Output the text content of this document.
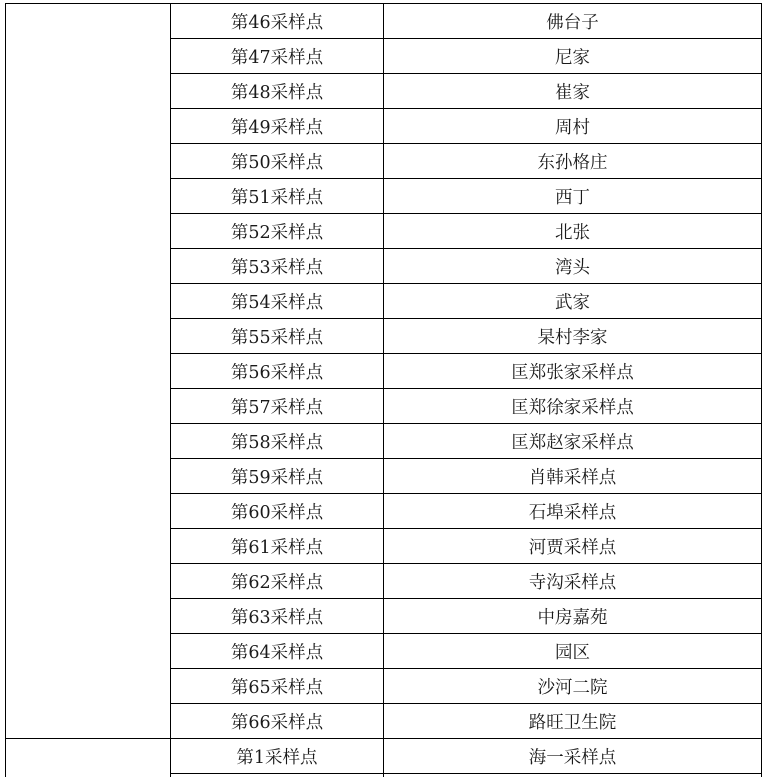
	第46采样点	佛台子
	第47采样点	尼家
	第48采样点	崔家
	第49采样点	周村
	第50采样点	东孙格庄
	第51采样点	西丁
	第52采样点	北张
	第53采样点	湾头
	第54采样点	武家
	第55采样点	杲村李家
	第56采样点	匡郑张家采样点
	第57采样点	匡郑徐家采样点
	第58采样点	匡郑赵家采样点
	第59采样点	肖韩采样点
	第60采样点	石埠采样点
	第61采样点	河贾采样点
	第62采样点	寺沟采样点
	第63采样点	中房嘉苑
	第64采样点	园区
	第65采样点	沙河二院
	第66采样点	路旺卫生院
	第1采样点	海一采样点
